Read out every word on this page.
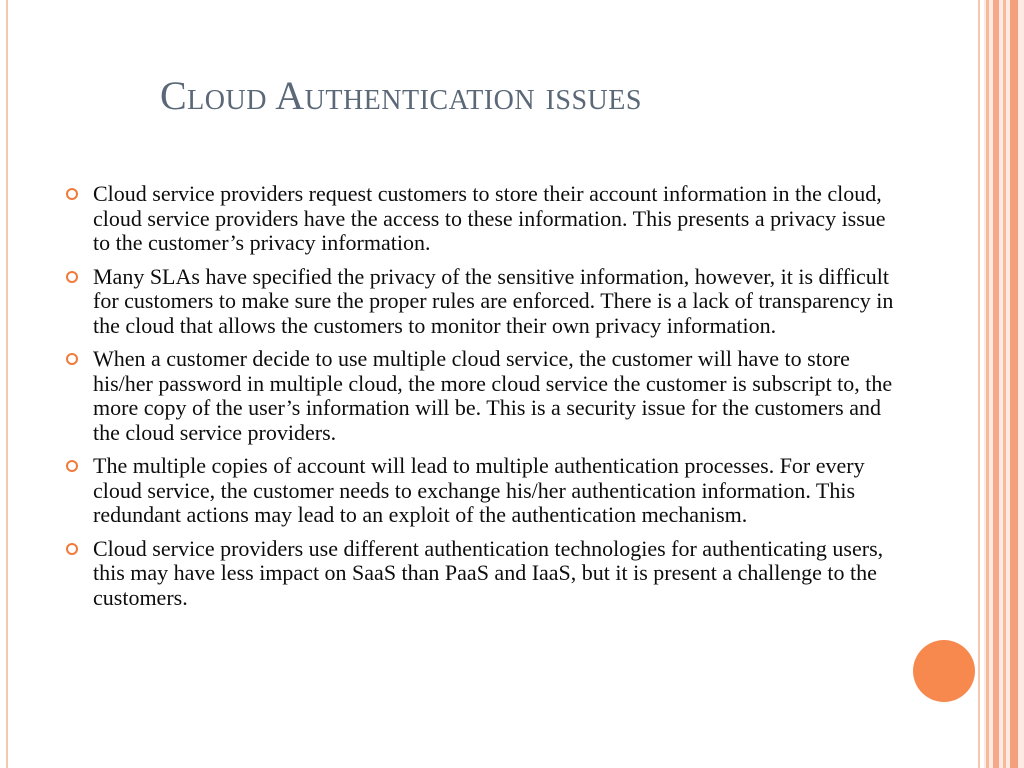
Cloud Authentication issues
Cloud service providers request customers to store their account information in the cloud, cloud service providers have the access to these information. This presents a privacy issue to the customer’s privacy information.
Many SLAs have specified the privacy of the sensitive information, however, it is difficult for customers to make sure the proper rules are enforced. There is a lack of transparency in the cloud that allows the customers to monitor their own privacy information.
When a customer decide to use multiple cloud service, the customer will have to store his/her password in multiple cloud, the more cloud service the customer is subscript to, the more copy of the user’s information will be. This is a security issue for the customers and the cloud service providers.
The multiple copies of account will lead to multiple authentication processes. For every cloud service, the customer needs to exchange his/her authentication information. This redundant actions may lead to an exploit of the authentication mechanism.
Cloud service providers use different authentication technologies for authenticating users, this may have less impact on SaaS than PaaS and IaaS, but it is present a challenge to the customers.
